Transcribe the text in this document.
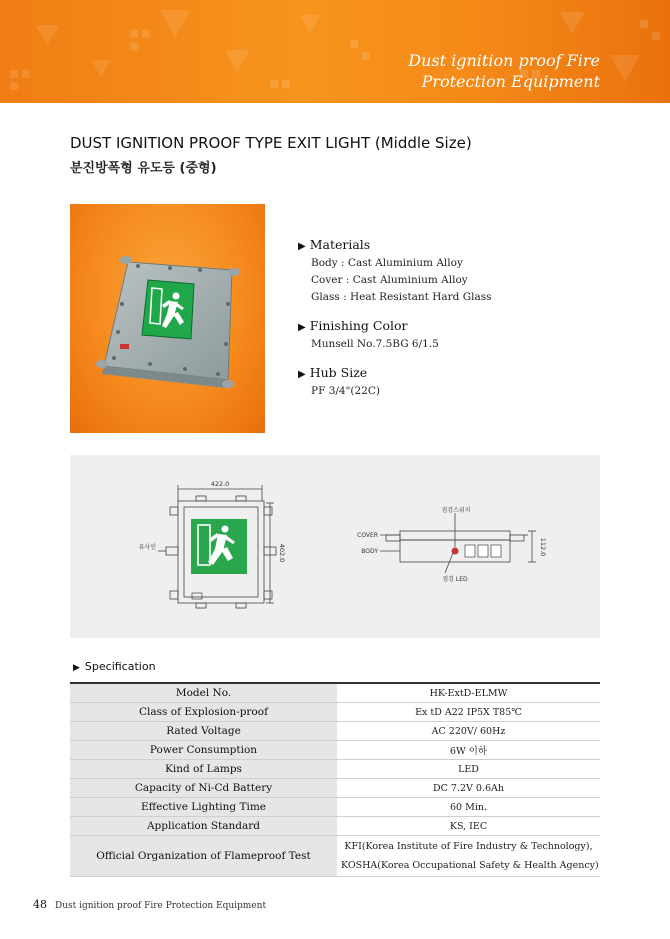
Dust ignition proof Fire
Protection Equipment
DUST IGNITION PROOF TYPE EXIT LIGHT (Middle Size)
분진방폭형 유도등 (중형)
▶ Materials
Body : Cast Aluminium Alloy
Cover : Cast Aluminium Alloy
Glass : Heat Resistant Hard Glass
▶ Finishing Color
Munsell No.7.5BG 6/1.5
▶ Hub Size
PF 3/4"(22C)
422.0
402.0
유사인
점검스위치
COVER
BODY
점검 LED
112.0
▶ Specification
Model No.	HK-ExtD-ELMW
Class of Explosion-proof	Ex tD A22 IP5X T85℃
Rated Voltage	AC 220V/ 60Hz
Power Consumption	6W 이하
Kind of Lamps	LED
Capacity of Ni-Cd Battery	DC 7.2V 0.6Ah
Effective Lighting Time	60 Min.
Application Standard	KS, IEC
Official Organization of Flameproof Test	KFI(Korea Institute of Fire Industry & Technology),
KOSHA(Korea Occupational Safety & Health Agency)
48 Dust ignition proof Fire Protection Equipment
